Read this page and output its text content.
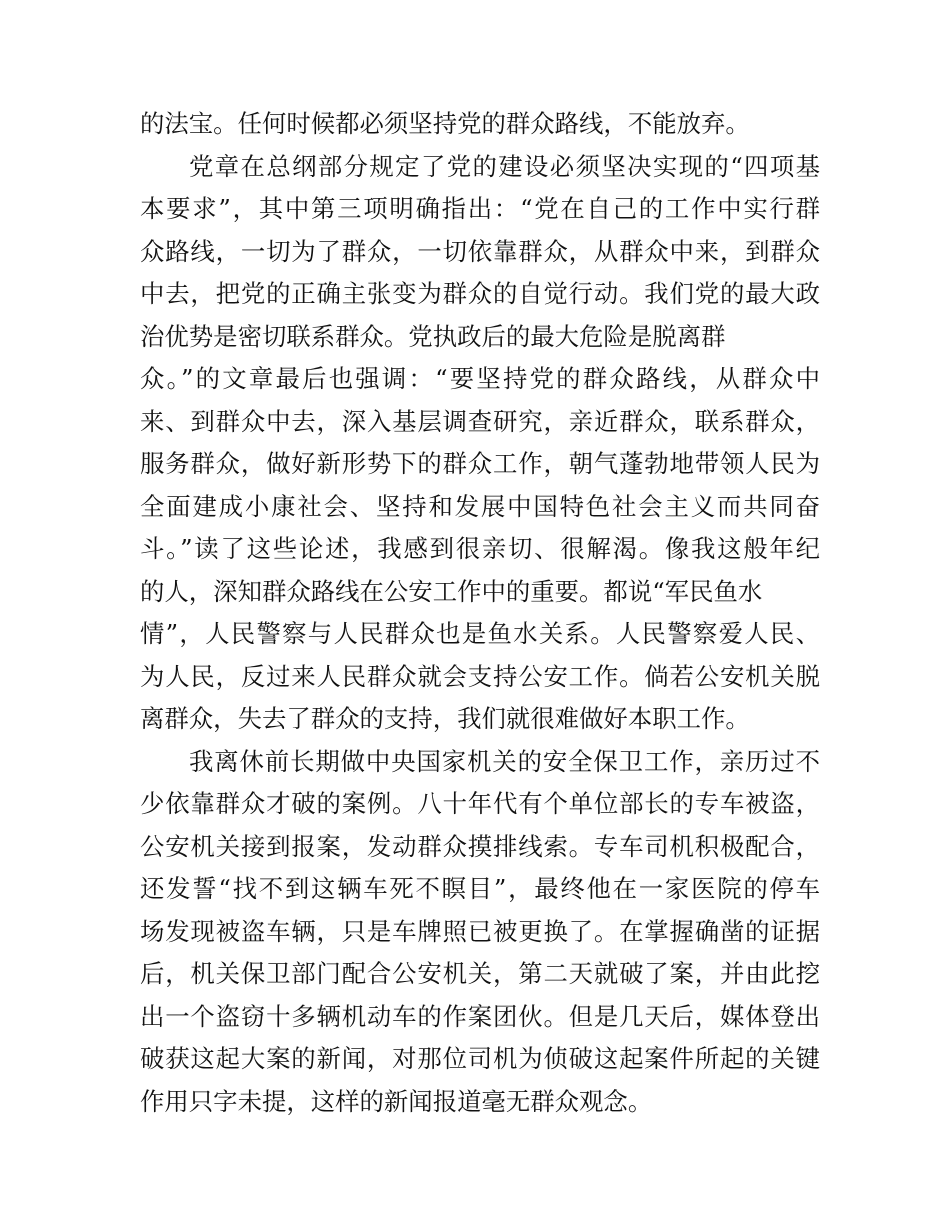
的法宝。任何时候都必须坚持党的群众路线，不能放弃。
党章在总纲部分规定了党的建设必须坚决实现的“四项基
本要求”，其中第三项明确指出：“党在自己的工作中实行群
众路线，一切为了群众，一切依靠群众，从群众中来，到群众
中去，把党的正确主张变为群众的自觉行动。我们党的最大政
治优势是密切联系群众。党执政后的最大危险是脱离群
众。”的文章最后也强调：“要坚持党的群众路线，从群众中
来、到群众中去，深入基层调查研究，亲近群众，联系群众，
服务群众，做好新形势下的群众工作，朝气蓬勃地带领人民为
全面建成小康社会、坚持和发展中国特色社会主义而共同奋
斗。”读了这些论述，我感到很亲切、很解渴。像我这般年纪
的人，深知群众路线在公安工作中的重要。都说“军民鱼水
情”，人民警察与人民群众也是鱼水关系。人民警察爱人民、
为人民，反过来人民群众就会支持公安工作。倘若公安机关脱
离群众，失去了群众的支持，我们就很难做好本职工作。
我离休前长期做中央国家机关的安全保卫工作，亲历过不
少依靠群众才破的案例。八十年代有个单位部长的专车被盗，
公安机关接到报案，发动群众摸排线索。专车司机积极配合，
还发誓“找不到这辆车死不瞑目”，最终他在一家医院的停车
场发现被盗车辆，只是车牌照已被更换了。在掌握确凿的证据
后，机关保卫部门配合公安机关，第二天就破了案，并由此挖
出一个盗窃十多辆机动车的作案团伙。但是几天后，媒体登出
破获这起大案的新闻，对那位司机为侦破这起案件所起的关键
作用只字未提，这样的新闻报道毫无群众观念。
